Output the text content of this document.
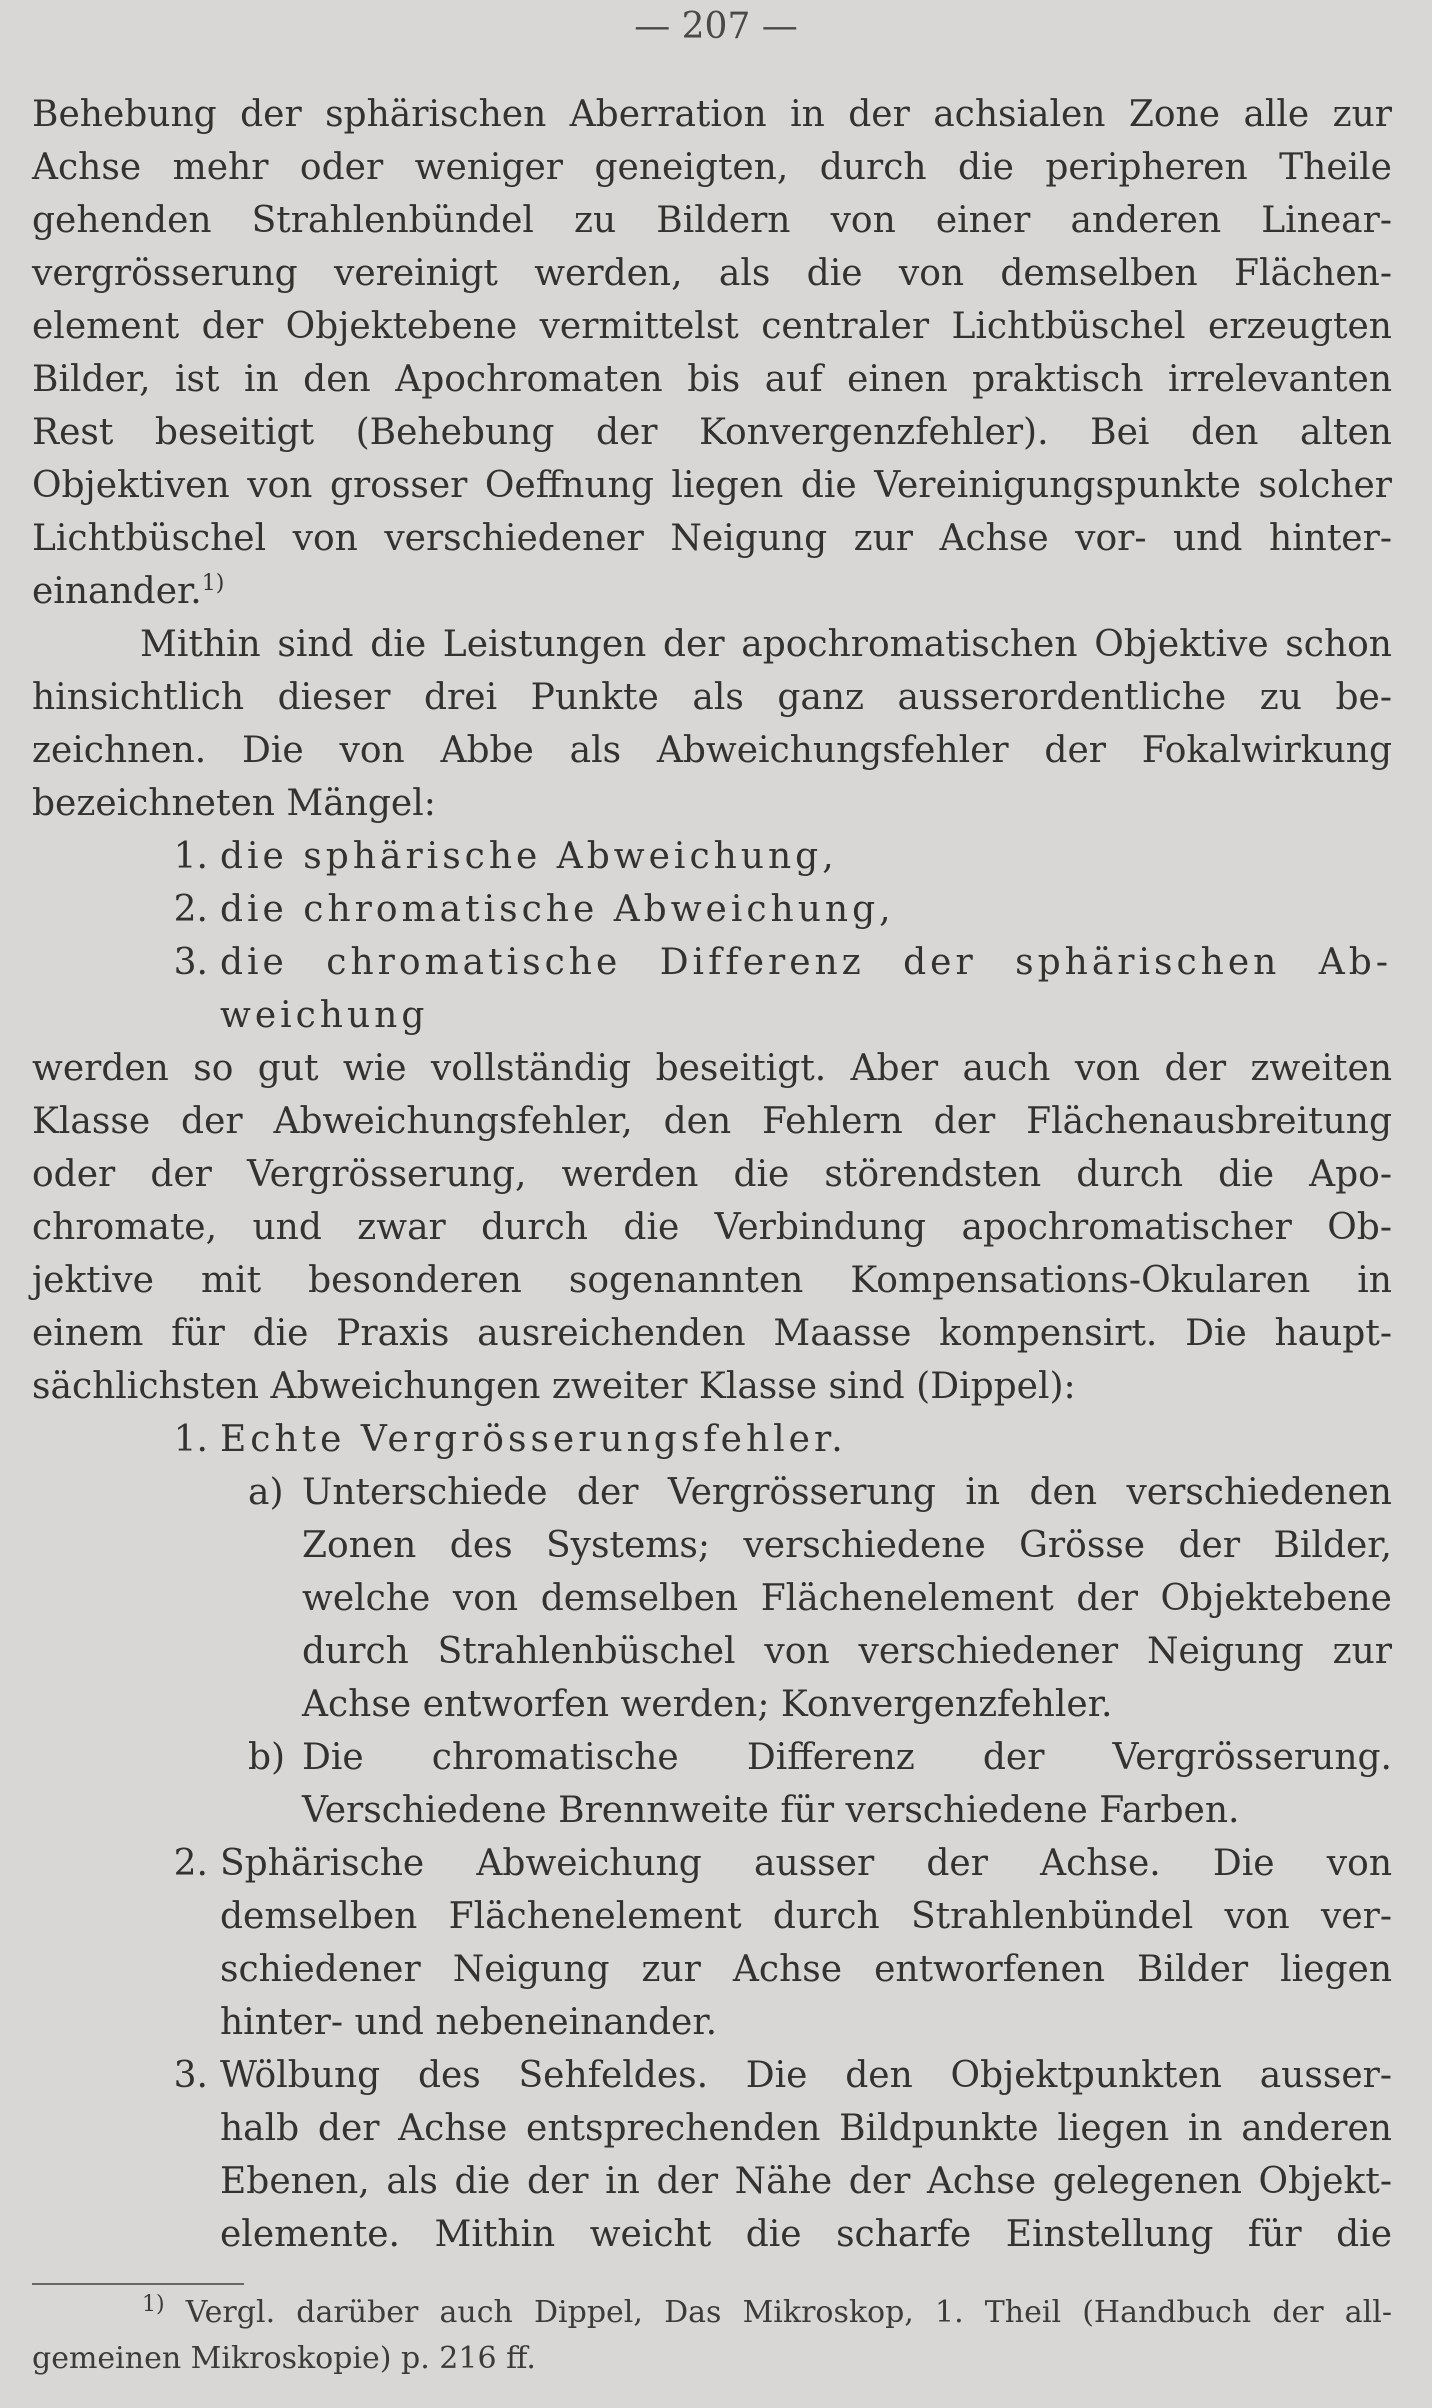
— 207 —
Behebung der sphärischen Aberration in der achsialen Zone alle zur
Achse mehr oder weniger geneigten, durch die peripheren Theile
gehenden Strahlenbündel zu Bildern von einer anderen Linear-
vergrösserung vereinigt werden, als die von demselben Flächen-
element der Objektebene vermittelst centraler Lichtbüschel erzeugten
Bilder, ist in den Apochromaten bis auf einen praktisch irrelevanten
Rest beseitigt (Behebung der Konvergenzfehler). Bei den alten
Objektiven von grosser Oeffnung liegen die Vereinigungspunkte solcher
Lichtbüschel von verschiedener Neigung zur Achse vor- und hinter-
einander.$^{1)}$
Mithin sind die Leistungen der apochromatischen Objektive schon
hinsichtlich dieser drei Punkte als ganz ausserordentliche zu be-
zeichnen. Die von Abbe als Abweichungsfehler der Fokalwirkung
bezeichneten Mängel:
1. die sphärische Abweichung,
2. die chromatische Abweichung,
3. die chromatische Differenz der sphärischen Ab-
weichung
werden so gut wie vollständig beseitigt. Aber auch von der zweiten
Klasse der Abweichungsfehler, den Fehlern der Flächenausbreitung
oder der Vergrösserung, werden die störendsten durch die Apo-
chromate, und zwar durch die Verbindung apochromatischer Ob-
jektive mit besonderen sogenannten Kompensations-Okularen in
einem für die Praxis ausreichenden Maasse kompensirt. Die haupt-
sächlichsten Abweichungen zweiter Klasse sind (Dippel):
1. Echte Vergrösserungsfehler.
a) Unterschiede der Vergrösserung in den verschiedenen
Zonen des Systems; verschiedene Grösse der Bilder,
welche von demselben Flächenelement der Objektebene
durch Strahlenbüschel von verschiedener Neigung zur
Achse entworfen werden; Konvergenzfehler.
b) Die chromatische Differenz der Vergrösserung.
Verschiedene Brennweite für verschiedene Farben.
2. Sphärische Abweichung ausser der Achse. Die von
demselben Flächenelement durch Strahlenbündel von ver-
schiedener Neigung zur Achse entworfenen Bilder liegen
hinter- und nebeneinander.
3. Wölbung des Sehfeldes. Die den Objektpunkten ausser-
halb der Achse entsprechenden Bildpunkte liegen in anderen
Ebenen, als die der in der Nähe der Achse gelegenen Objekt-
elemente. Mithin weicht die scharfe Einstellung für die
$^{1)}$ Vergl. darüber auch Dippel, Das Mikroskop, 1. Theil (Handbuch der all-
gemeinen Mikroskopie) p. 216 ff.
